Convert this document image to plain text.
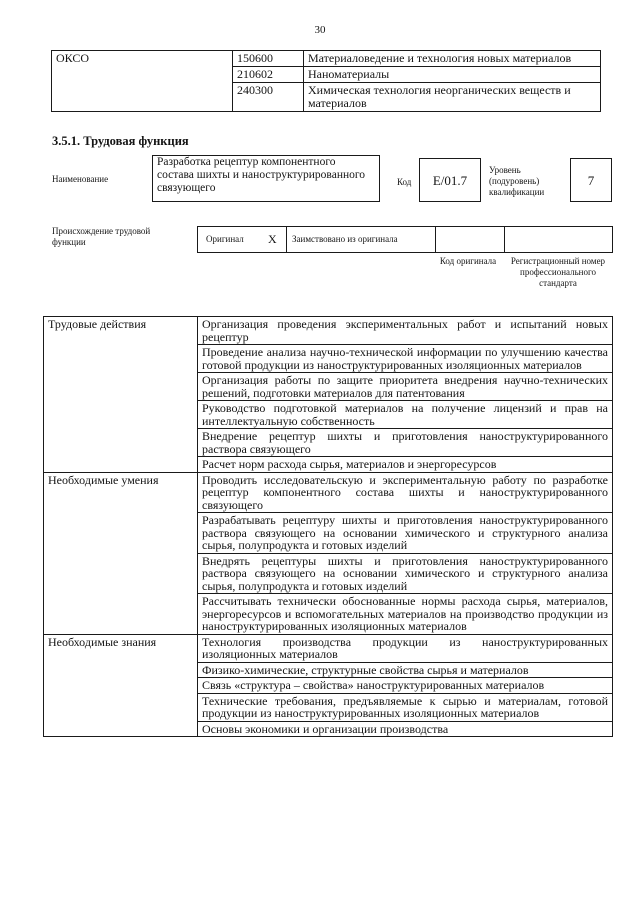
30
ОКСО	150600	Материаловедение и технология новых материалов
	210602	Наноматериалы
	240300	Химическая технология неорганических веществ и материалов
3.5.1. Трудовая функция
Наименование
Разработка рецептур компонентного состава шихты и наноструктурированного связующего	Код	E/01.7
Уровень (подуровень) квалификации
7
Происхождение трудовой функции	Оригинал X Заимствовано из оригинала
Код оригинала	Регистрационный номер профессионального стандарта
Трудовые действия	Организация проведения экспериментальных работ и испытаний новых рецептур
	Проведение анализа научно-технической информации по улучшению качества готовой продукции из наноструктурированных изоляционных материалов
	Организация работы по защите приоритета внедрения научно-технических решений, подготовки материалов для патентования
	Руководство подготовкой материалов на получение лицензий и прав на интеллектуальную собственность
	Внедрение рецептур шихты и приготовления наноструктурированного раствора связующего
	Расчет норм расхода сырья, материалов и энергоресурсов
Необходимые умения	Проводить исследовательскую и экспериментальную работу по разработке рецептур компонентного состава шихты и наноструктурированного связующего
	Разрабатывать рецептуру шихты и приготовления наноструктурированного раствора связующего на основании химического и структурного анализа сырья, полупродукта и готовых изделий
	Внедрять рецептуры шихты и приготовления наноструктурированного раствора связующего на основании химического и структурного анализа сырья, полупродукта и готовых изделий
	Рассчитывать технически обоснованные нормы расхода сырья, материалов, энергоресурсов и вспомогательных материалов на производство продукции из наноструктурированных изоляционных материалов
Необходимые знания	Технология производства продукции из наноструктурированных изоляционных материалов
	Физико-химические, структурные свойства сырья и материалов
	Связь «структура – свойства» наноструктурированных материалов
	Технические требования, предъявляемые к сырью и материалам, готовой продукции из наноструктурированных изоляционных материалов
	Основы экономики и организации производства
